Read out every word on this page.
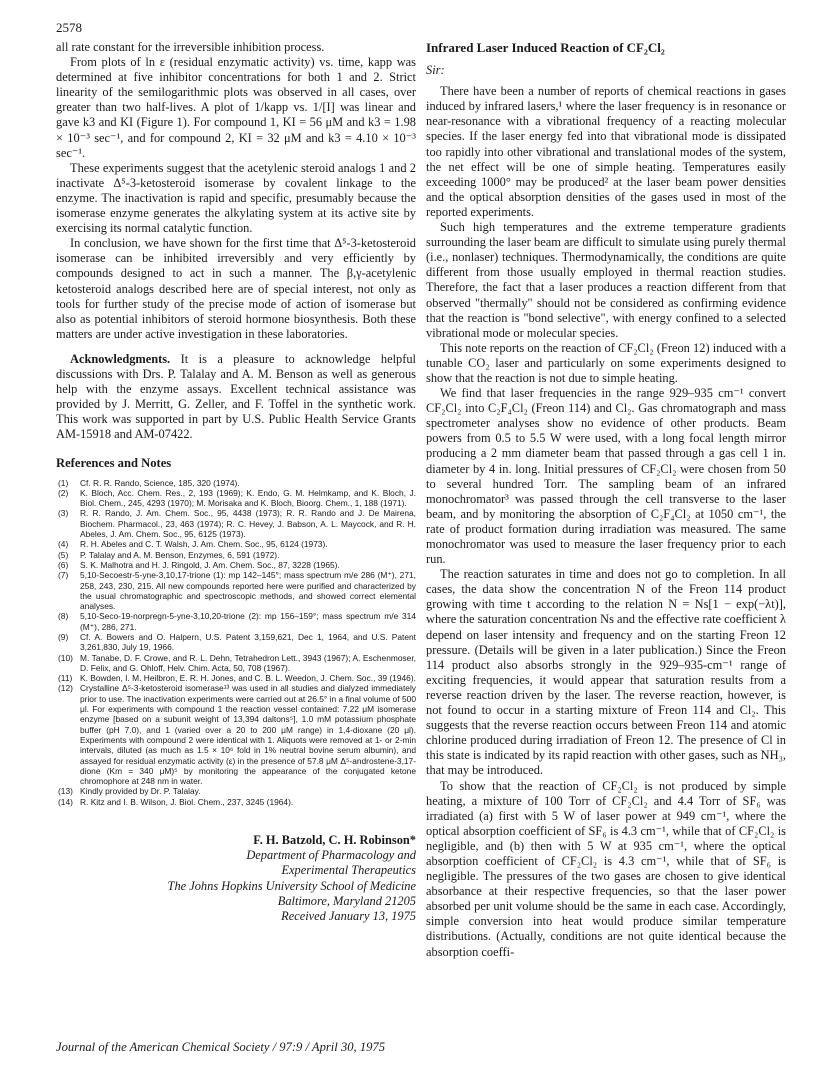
2578

all rate constant for the irreversible inhibition process.

From plots of ln ε (residual enzymatic activity) vs. time, kapp was determined at five inhibitor concentrations for both 1 and 2. Strict linearity of the semilogarithmic plots was observed in all cases, over greater than two half-lives. A plot of 1/kapp vs. 1/[I] was linear and gave k3 and KI (Figure 1). For compound 1, KI = 56 μM and k3 = 1.98 × 10⁻³ sec⁻¹, and for compound 2, KI = 32 μM and k3 = 4.10 × 10⁻³ sec⁻¹.

These experiments suggest that the acetylenic steroid analogs 1 and 2 inactivate Δ⁵-3-ketosteroid isomerase by covalent linkage to the enzyme. The inactivation is rapid and specific, presumably because the isomerase enzyme generates the alkylating system at its active site by exercising its normal catalytic function.

In conclusion, we have shown for the first time that Δ⁵-3-ketosteroid isomerase can be inhibited irreversibly and very efficiently by compounds designed to act in such a manner. The β,γ-acetylenic ketosteroid analogs described here are of special interest, not only as tools for further study of the precise mode of action of isomerase but also as potential inhibitors of steroid hormone biosynthesis. Both these matters are under active investigation in these laboratories.

Acknowledgments. It is a pleasure to acknowledge helpful discussions with Drs. P. Talalay and A. M. Benson as well as generous help with the enzyme assays. Excellent technical assistance was provided by J. Merritt, G. Zeller, and F. Toffel in the synthetic work. This work was supported in part by U.S. Public Health Service Grants AM-15918 and AM-07422.

References and Notes
(1) Cf. R. R. Rando, Science, 185, 320 (1974).
(2) K. Bloch, Acc. Chem. Res., 2, 193 (1969); K. Endo, G. M. Helmkamp, and K. Bloch, J. Biol. Chem., 245, 4293 (1970); M. Morisaka and K. Bloch, Bioorg. Chem., 1, 188 (1971).
(3) R. R. Rando, J. Am. Chem. Soc., 95, 4438 (1973); R. R. Rando and J. De Mairena, Biochem. Pharmacol., 23, 463 (1974); R. C. Hevey, J. Babson, A. L. Maycock, and R. H. Abeles, J. Am. Chem. Soc., 95, 6125 (1973).
(4) R. H. Abeles and C. T. Walsh, J. Am. Chem. Soc., 95, 6124 (1973).
(5) P. Talalay and A. M. Benson, Enzymes, 6, 591 (1972).
(6) S. K. Malhotra and H. J. Ringold, J. Am. Chem. Soc., 87, 3228 (1965).
(7) 5,10-Secoestr-5-yne-3,10,17-trione (1): mp 142–145°; mass spectrum m/e 286 (M⁺), 271, 258, 243, 230, 215. All new compounds reported here were purified and characterized by the usual chromatographic and spectroscopic methods, and showed correct elemental analyses.
(8) 5,10-Seco-19-norpregn-5-yne-3,10,20-trione (2): mp 156–159°; mass spectrum m/e 314 (M⁺), 286, 271.
(9) Cf. A. Bowers and O. Halpern, U.S. Patent 3,159,621, Dec 1, 1964, and U.S. Patent 3,261,830, July 19, 1966.
(10) M. Tanabe, D. F. Crowe, and R. L. Dehn, Tetrahedron Lett., 3943 (1967); A. Eschenmoser, D. Felix, and G. Ohloff, Helv. Chim. Acta, 50, 708 (1967).
(11) K. Bowden, I. M. Heilbron, E. R. H. Jones, and C. B. L. Weedon, J. Chem. Soc., 39 (1946).
(12) Crystalline Δ⁵-3-ketosteroid isomerase¹³ was used in all studies and dialyzed immediately prior to use. The inactivation experiments were carried out at 26.5° in a final volume of 500 μl. For experiments with compound 1 the reaction vessel contained: 7.22 μM isomerase enzyme [based on a subunit weight of 13,394 daltons⁵], 1.0 mM potassium phosphate buffer (pH 7.0), and 1 (varied over a 20 to 200 μM range) in 1,4-dioxane (20 μl). Experiments with compound 2 were identical with 1. Aliquots were removed at 1- or 2-min intervals, diluted (as much as 1.5 × 10⁶ fold in 1% neutral bovine serum albumin), and assayed for residual enzymatic activity (ε) in the presence of 57.8 μM Δ⁵-androstene-3,17-dione (Km = 340 μM)⁵ by monitoring the appearance of the conjugated ketone chromophore at 248 nm in water.
(13) Kindly provided by Dr. P. Talalay.
(14) R. Kitz and I. B. Wilson, J. Biol. Chem., 237, 3245 (1964).
F. H. Batzold, C. H. Robinson*
Department of Pharmacology and
Experimental Therapeutics
The Johns Hopkins University School of Medicine
Baltimore, Maryland 21205
Received January 13, 1975
Infrared Laser Induced Reaction of CF₂Cl₂
Sir:

There have been a number of reports of chemical reactions in gases induced by infrared lasers,¹ where the laser frequency is in resonance or near-resonance with a vibrational frequency of a reacting molecular species. If the laser energy fed into that vibrational mode is dissipated too rapidly into other vibrational and translational modes of the system, the net effect will be one of simple heating. Temperatures easily exceeding 1000° may be produced² at the laser beam power densities and the optical absorption densities of the gases used in most of the reported experiments.

Such high temperatures and the extreme temperature gradients surrounding the laser beam are difficult to simulate using purely thermal (i.e., nonlaser) techniques. Thermodynamically, the conditions are quite different from those usually employed in thermal reaction studies. Therefore, the fact that a laser produces a reaction different from that observed "thermally" should not be considered as confirming evidence that the reaction is "bond selective", with energy confined to a selected vibrational mode or molecular species.

This note reports on the reaction of CF₂Cl₂ (Freon 12) induced with a tunable CO₂ laser and particularly on some experiments designed to show that the reaction is not due to simple heating.

We find that laser frequencies in the range 929–935 cm⁻¹ convert CF₂Cl₂ into C₂F₄Cl₂ (Freon 114) and Cl₂. Gas chromatograph and mass spectrometer analyses show no evidence of other products. Beam powers from 0.5 to 5.5 W were used, with a long focal length mirror producing a 2 mm diameter beam that passed through a gas cell 1 in. diameter by 4 in. long. Initial pressures of CF₂Cl₂ were chosen from 50 to several hundred Torr. The sampling beam of an infrared monochromator³ was passed through the cell transverse to the laser beam, and by monitoring the absorption of C₂F₄Cl₂ at 1050 cm⁻¹, the rate of product formation during irradiation was measured. The same monochromator was used to measure the laser frequency prior to each run.

The reaction saturates in time and does not go to completion. In all cases, the data show the concentration N of the Freon 114 product growing with time t according to the relation N = Ns[1 − exp(−λt)], where the saturation concentration Ns and the effective rate coefficient λ depend on laser intensity and frequency and on the starting Freon 12 pressure. (Details will be given in a later publication.) Since the Freon 114 product also absorbs strongly in the 929–935-cm⁻¹ range of exciting frequencies, it would appear that saturation results from a reverse reaction driven by the laser. The reverse reaction, however, is not found to occur in a starting mixture of Freon 114 and Cl₂. This suggests that the reverse reaction occurs between Freon 114 and atomic chlorine produced during irradiation of Freon 12. The presence of Cl in this state is indicated by its rapid reaction with other gases, such as NH₃, that may be introduced.

To show that the reaction of CF₂Cl₂ is not produced by simple heating, a mixture of 100 Torr of CF₂Cl₂ and 4.4 Torr of SF₆ was irradiated (a) first with 5 W of laser power at 949 cm⁻¹, where the optical absorption coefficient of SF₆ is 4.3 cm⁻¹, while that of CF₂Cl₂ is negligible, and (b) then with 5 W at 935 cm⁻¹, where the optical absorption coefficient of CF₂Cl₂ is 4.3 cm⁻¹, while that of SF₆ is negligible. The pressures of the two gases are chosen to give identical absorbance at their respective frequencies, so that the laser power absorbed per unit volume should be the same in each case. Accordingly, simple conversion into heat would produce similar temperature distributions. (Actually, conditions are not quite identical because the absorption coeffi-

Journal of the American Chemical Society / 97:9 / April 30, 1975
